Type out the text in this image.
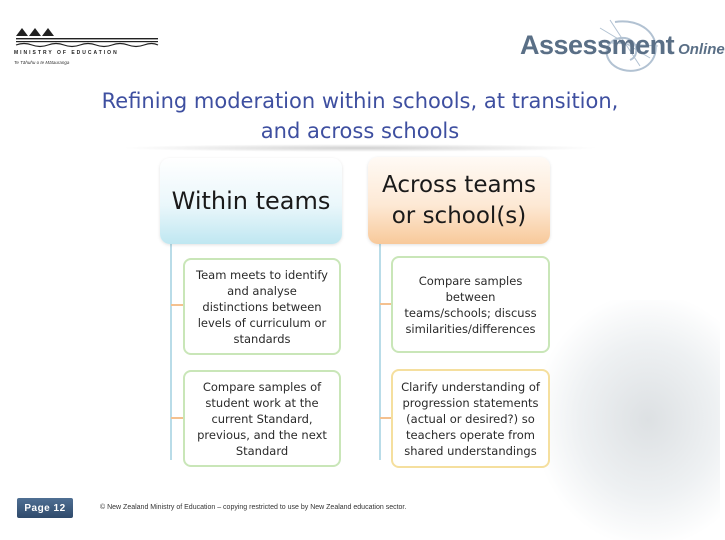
MINISTRY OF EDUCATION
Te Tāhuhu o te Mātauranga
Assessment Online
Refining moderation within schools, at transition,
and across schools
Within teams
Across teams or school(s)
Team meets to identify and analyse distinctions between levels of curriculum or standards
Compare samples of student work at the current Standard, previous, and the next Standard
Compare samples between teams/schools; discuss similarities/differences
Clarify understanding of progression statements (actual or desired?) so teachers operate from shared understandings
Page 12	© New Zealand Ministry of Education – copying restricted to use by New Zealand education sector.
